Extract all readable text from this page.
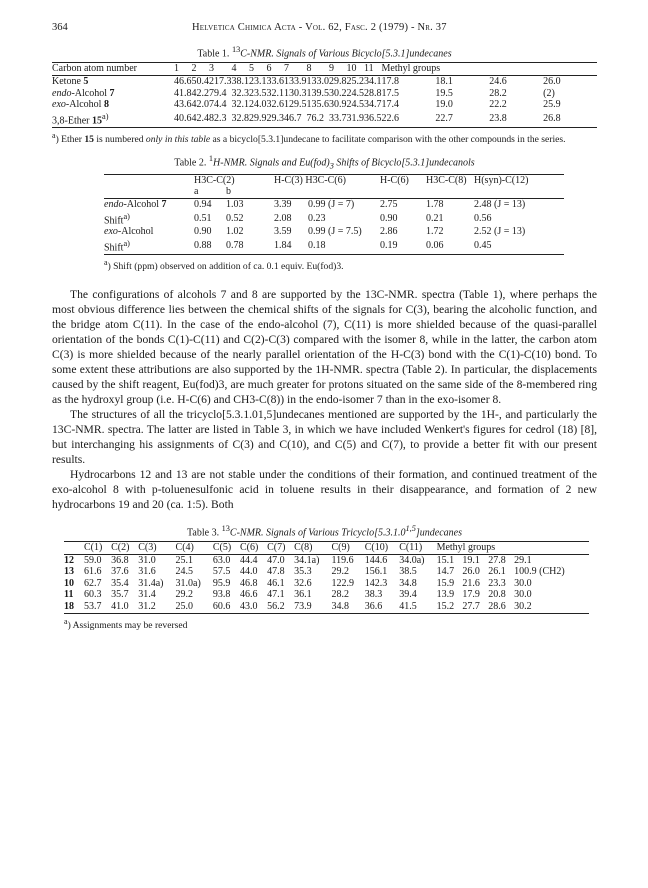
364	Helvetica Chimica Acta - Vol. 62, Fasc. 2 (1979) - Nr. 37
Table 1. $^{13}$C-NMR. Signals of Various Bicyclo[5.3.1]undecanes
Carbon atom number	1	2	3	4	5	6	7	8	9	10	11	Methyl groups			
Ketone 5	46.6	50.4	217.3	38.1	23.1	33.6	133.9	133.0	29.8	25.2	34.1	17.8	18.1	24.6	26.0
endo-Alcohol 7	41.8	42.2	79.4	32.3	23.5	32.1	130.3	139.5	30.2	24.5	28.8	17.5	19.5	28.2	(2)
exo-Alcohol 8	43.6	42.0	74.4	32.1	24.0	32.6	129.5	135.6	30.9	24.5	34.7	17.4	19.0	22.2	25.9
3,8-Ether 15$^{a)}$	40.6	42.4	82.3	32.8	29.9	29.3	46.7	76.2	33.7	31.9	36.5	22.6	22.7	23.8	26.8
$^a$) Ether 15 is numbered only in this table as a bicyclo[5.3.1]undecane to facilitate comparison with the other compounds in the series.
Table 2. $^1$H-NMR. Signals and $Eu(fod)_3$ Shifts of Bicyclo[5.3.1]undecanols
	H3C-C(2)		H-C(3) H3C-C(6)		H-C(6)	H3C-C(8)	H(syn)-C(12)
	a	b					
endo-Alcohol 7	0.94	1.03	3.39	0.99 (J = 7)	2.75	1.78	2.48 (J = 13)
Shift$^{a)}$	0.51	0.52	2.08	0.23	0.90	0.21	0.56
exo-Alcohol	0.90	1.02	3.59	0.99 (J = 7.5)	2.86	1.72	2.52 (J = 13)
Shift$^{a)}$	0.88	0.78	1.84	0.18	0.19	0.06	0.45
$^a$) Shift (ppm) observed on addition of ca. 0.1 equiv. Eu(fod)3.

The configurations of alcohols 7 and 8 are supported by the 13C-NMR. spectra (Table 1), where perhaps the most obvious difference lies between the chemical shifts of the signals for C(3), bearing the alcoholic function, and the bridge atom C(11). In the case of the endo-alcohol (7), C(11) is more shielded because of the quasi-parallel orientation of the bonds C(1)-C(11) and C(2)-C(3) compared with the isomer 8, while in the latter, the carbon atom C(3) is more shielded because of the nearly parallel orientation of the H-C(3) bond with the C(1)-C(10) bond. To some extent these attributions are also supported by the 1H-NMR. spectra (Table 2). In particular, the displacements caused by the shift reagent, Eu(fod)3, are much greater for protons situated on the same side of the 8-membered ring as the hydroxyl group (i.e. H-C(6) and CH3-C(8)) in the endo-isomer 7 than in the exo-isomer 8.

The structures of all the tricyclo[5.3.1.01,5]undecanes mentioned are supported by the 1H-, and particularly the 13C-NMR. spectra. The latter are listed in Table 3, in which we have included Wenkert's figures for cedrol (18) [8], but interchanging his assignments of C(3) and C(10), and C(5) and C(7), to provide a better fit with our present results.

Hydrocarbons 12 and 13 are not stable under the conditions of their formation, and continued treatment of the exo-alcohol 8 with p-toluenesulfonic acid in toluene results in their disappearance, and formation of 2 new hydrocarbons 19 and 20 (ca. 1:5). Both

Table 3. $^{13}$C-NMR. Signals of Various Tricyclo[5.3.1.0$^{1,5}$]undecanes
	C(1)	C(2)	C(3)	C(4)	C(5)	C(6)	C(7)	C(8)	C(9)	C(10)	C(11)	Methyl groups			
12	59.0	36.8	31.0	25.1	63.0	44.4	47.0	34.1a)	119.6	144.6	34.0a)	15.1	19.1	27.8	29.1
13	61.6	37.6	31.6	24.5	57.5	44.0	47.8	35.3	29.2	156.1	38.5	14.7	26.0	26.1	100.9 (CH2)
10	62.7	35.4	31.4a)	31.0a)	95.9	46.8	46.1	32.6	122.9	142.3	34.8	15.9	21.6	23.3	30.0
11	60.3	35.7	31.4	29.2	93.8	46.6	47.1	36.1	28.2	38.3	39.4	13.9	17.9	20.8	30.0
18	53.7	41.0	31.2	25.0	60.6	43.0	56.2	73.9	34.8	36.6	41.5	15.2	27.7	28.6	30.2
$^a$) Assignments may be reversed
